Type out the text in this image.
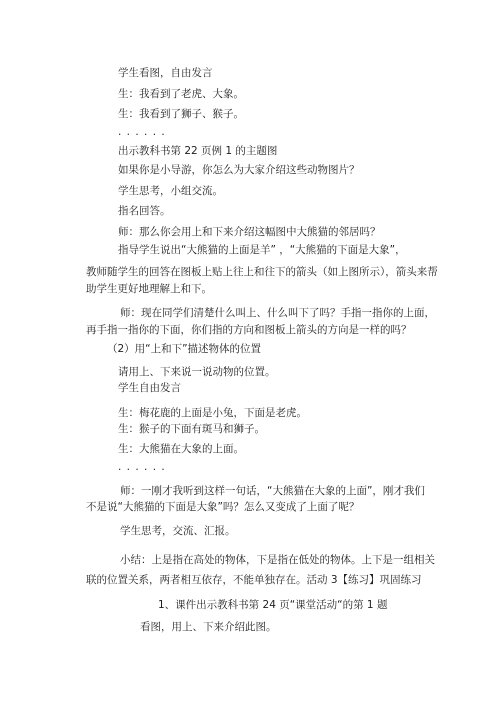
学生看图，自由发言
生：我看到了老虎、大象。
生：我看到了狮子、猴子。
· · · · · ·
出示教科书第 22 页例 1 的主题图
如果你是小导游，你怎么为大家介绍这些动物图片？
学生思考，小组交流。
指名回答。
师：那么你会用上和下来介绍这幅图中大熊猫的邻居吗？
指导学生说出“大熊猫的上面是羊” ，“大熊猫的下面是大象”，
教师随学生的回答在图板上贴上往上和往下的箭头（如上图所示），箭头来帮
助学生更好地理解上和下。
师：现在同学们清楚什么叫上、什么叫下了吗？手指一指你的上面，
再手指一指你的下面，你们指的方向和图板上箭头的方向是一样的吗？
（2）用“上和下”描述物体的位置
请用上、下来说一说动物的位置。
学生自由发言
生：梅花鹿的上面是小兔，下面是老虎。
生：猴子的下面有斑马和狮子。
生：大熊猫在大象的上面。
· · · · · ·
师：一刚才我听到这样一句话，“大熊猫在大象的上面”，刚才我们
不是说“大熊猫的下面是大象”吗？怎么又变成了上面了呢？
学生思考，交流、汇报。
小结：上是指在高处的物体，下是指在低处的物体。上下是一组相关
联的位置关系，两者相互依存，不能单独存在。活动 3【练习】巩固练习
1、课件出示教科书第 24 页“课堂活动“的第 1 题
看图，用上、下来介绍此图。
